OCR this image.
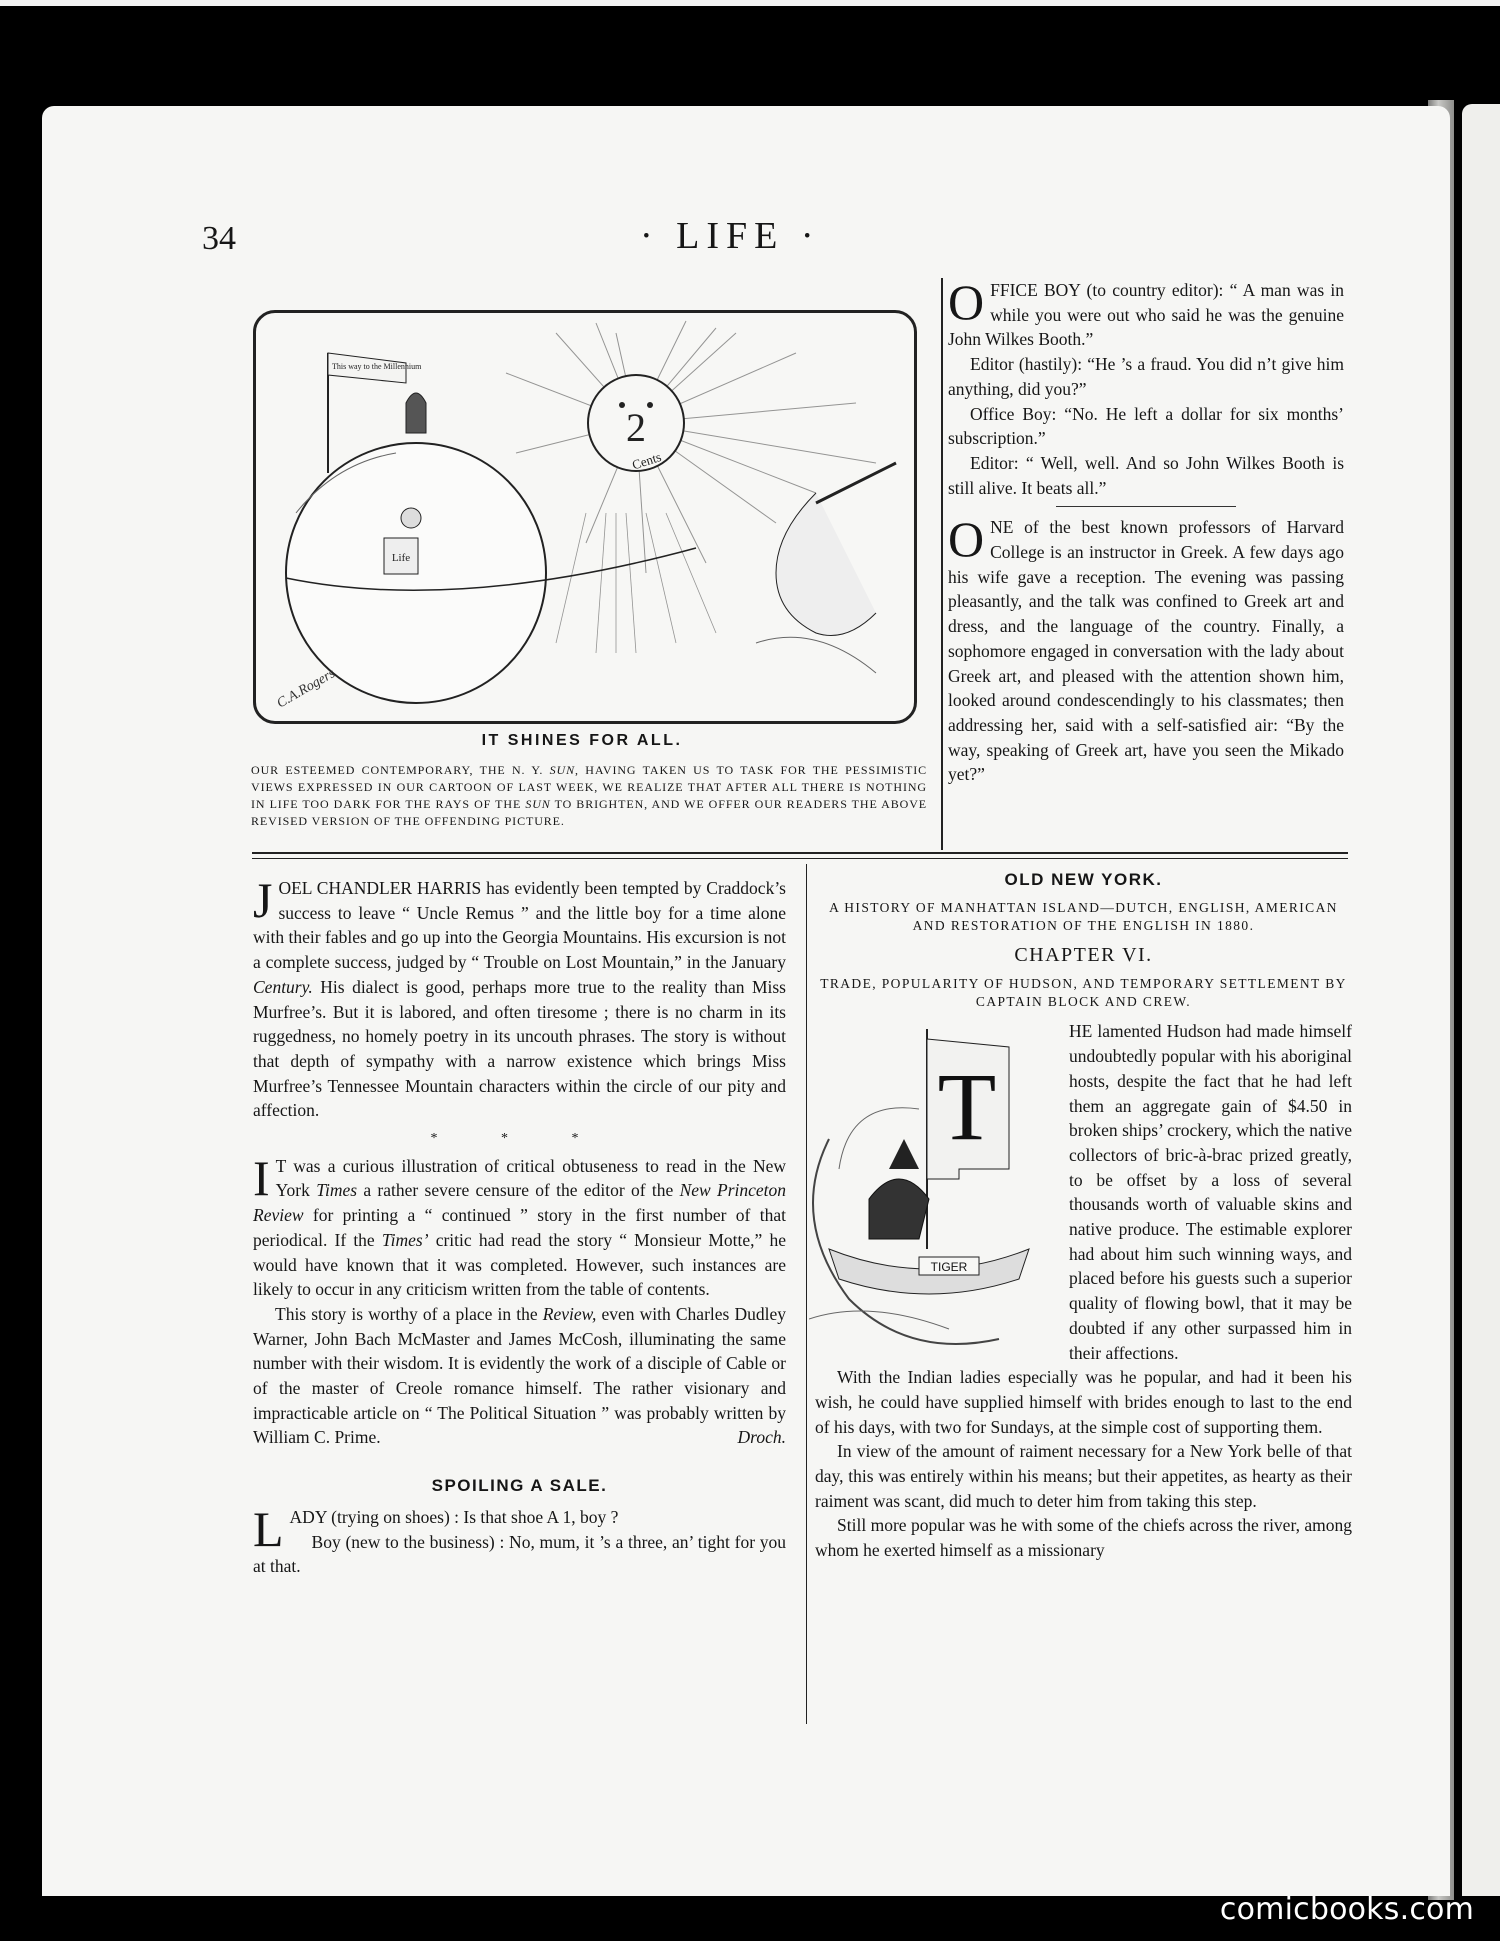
34	· LIFE ·
2
Cents
Life
This way to the Millennium
C.A.Rogers
IT SHINES FOR ALL.
OUR ESTEEMED CONTEMPORARY, THE N. Y. SUN, HAVING TAKEN US TO TASK FOR THE PESSIMISTIC VIEWS EXPRESSED IN OUR CARTOON OF LAST WEEK, WE REALIZE THAT AFTER ALL THERE IS NOTHING IN LIFE TOO DARK FOR THE RAYS OF THE SUN TO BRIGHTEN, AND WE OFFER OUR READERS THE ABOVE REVISED VERSION OF THE OFFENDING PICTURE.

OFFICE BOY (to country editor): “ A man was in while you were out who said he was the genuine John Wilkes Booth.”

Editor (hastily): “He ’s a fraud. You did n’t give him anything, did you?”

Office Boy: “No. He left a dollar for six months’ subscription.”

Editor: “ Well, well. And so John Wilkes Booth is still alive. It beats all.”

ONE of the best known professors of Harvard College is an instructor in Greek. A few days ago his wife gave a reception. The evening was passing pleasantly, and the talk was confined to Greek art and dress, and the language of the country. Finally, a sophomore engaged in conversation with the lady about Greek art, and pleased with the attention shown him, looked around condescendingly to his classmates; then addressing her, said with a self-satisfied air: “By the way, speaking of Greek art, have you seen the Mikado yet?”

JOEL CHANDLER HARRIS has evidently been tempted by Craddock’s success to leave “ Uncle Remus ” and the little boy for a time alone with their fables and go up into the Georgia Mountains. His excursion is not a complete success, judged by “ Trouble on Lost Mountain,” in the January Century. His dialect is good, perhaps more true to the reality than Miss Murfree’s. But it is labored, and often tiresome ; there is no charm in its ruggedness, no homely poetry in its uncouth phrases. The story is without that depth of sympathy with a narrow existence which brings Miss Murfree’s Tennessee Mountain characters within the circle of our pity and affection.

* * *

I T was a curious illustration of critical obtuseness to read in the New York Times a rather severe censure of the editor of the New Princeton Review for printing a “ continued ” story in the first number of that periodical. If the Times’ critic had read the story “ Monsieur Motte,” he would have known that it was completed. However, such instances are likely to occur in any criticism written from the table of contents.

This story is worthy of a place in the Review, even with Charles Dudley Warner, John Bach McMaster and James McCosh, illuminating the same number with their wisdom. It is evidently the work of a disciple of Cable or of the master of Creole romance himself. The rather visionary and impracticable article on “ The Political Situation ” was probably written by William C. Prime.	Droch.

SPOILING A SALE.

LADY (trying on shoes) : Is that shoe A 1, boy ?

Boy (new to the business) : No, mum, it ’s a three, an’ tight for you at that.

OLD NEW YORK.
A HISTORY OF MANHATTAN ISLAND—DUTCH, ENGLISH, AMERICAN AND RESTORATION OF THE ENGLISH IN 1880.
CHAPTER VI.
TRADE, POPULARITY OF HUDSON, AND TEMPORARY SETTLEMENT BY CAPTAIN BLOCK AND CREW.
T
TIGER

HE lamented Hudson had made himself undoubtedly popular with his aboriginal hosts, despite the fact that he had left them an aggregate gain of $4.50 in broken ships’ crockery, which the native collectors of bric-à-brac prized greatly, to be offset by a loss of several thousands worth of valuable skins and native produce. The estimable explorer had about him such winning ways, and placed before his guests such a superior quality of flowing bowl, that it may be doubted if any other surpassed him in their affections.

With the Indian ladies especially was he popular, and had it been his wish, he could have supplied himself with brides enough to last to the end of his days, with two for Sundays, at the simple cost of supporting them.

In view of the amount of raiment necessary for a New York belle of that day, this was entirely within his means; but their appetites, as hearty as their raiment was scant, did much to deter him from taking this step.

Still more popular was he with some of the chiefs across the river, among whom he exerted himself as a missionary

comicbooks.com
